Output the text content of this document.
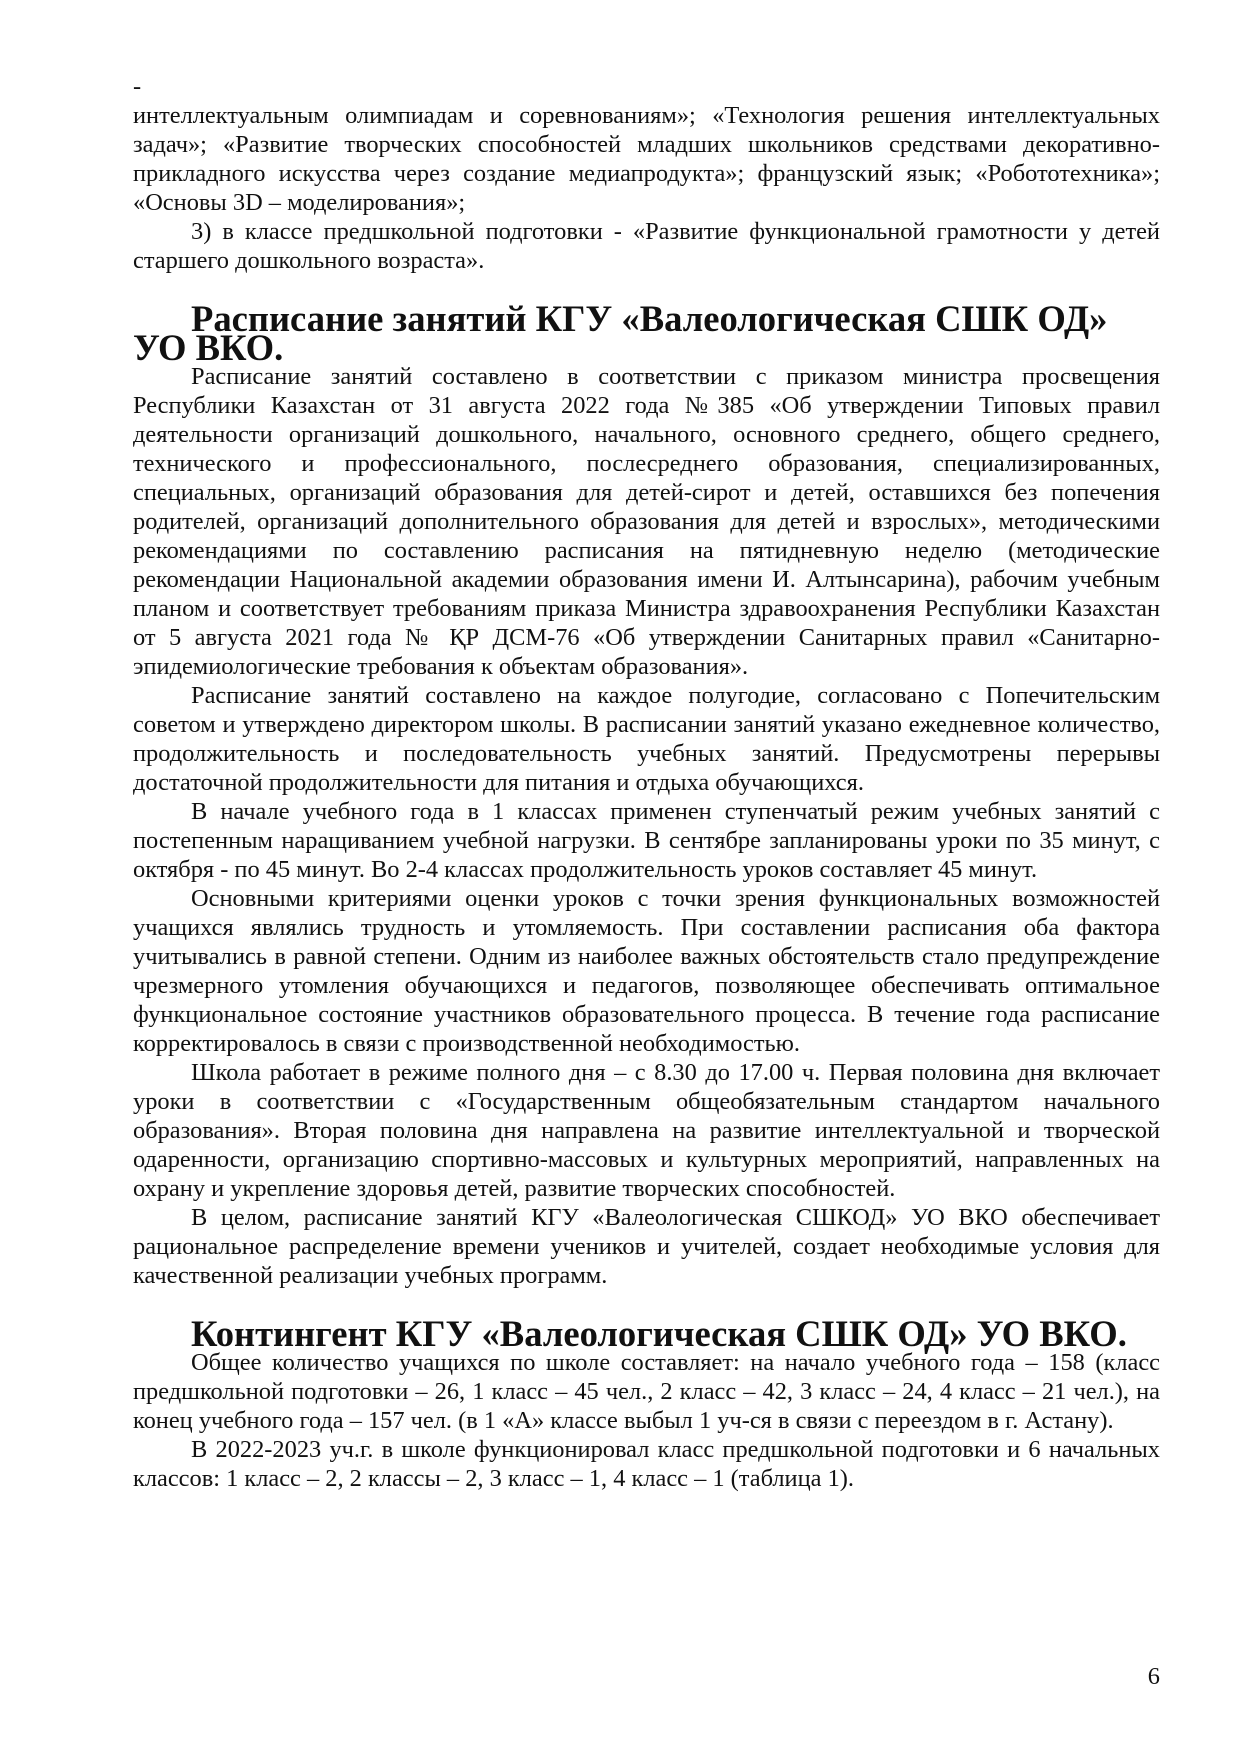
-

интеллектуальным олимпиадам и соревнованиям»; «Технология решения интеллектуальных задач»; «Развитие творческих способностей младших школьников средствами декоративно-прикладного искусства через создание медиапродукта»; французский язык; «Робототехника»; «Основы 3D – моделирования»;

3) в классе предшкольной подготовки - «Развитие функциональной грамотности у детей старшего дошкольного возраста».

Расписание занятий КГУ «Валеологическая СШК ОД» УО ВКО.

Расписание занятий составлено в соответствии с приказом министра просвещения Республики Казахстан от 31 августа 2022 года №385 «Об утверждении Типовых правил деятельности организаций дошкольного, начального, основного среднего, общего среднего, технического и профессионального, послесреднего образования, специализированных, специальных, организаций образования для детей-сирот и детей, оставшихся без попечения родителей, организаций дополнительного образования для детей и взрослых», методическими рекомендациями по составлению расписания на пятидневную неделю (методические рекомендации Национальной академии образования имени И. Алтынсарина), рабочим учебным планом и соответствует требованиям приказа Министра здравоохранения Республики Казахстан от 5 августа 2021 года № ҚР ДСМ-76 «Об утверждении Санитарных правил «Санитарно-эпидемиологические требования к объектам образования».

Расписание занятий составлено на каждое полугодие, согласовано с Попечительским советом и утверждено директором школы. В расписании занятий указано ежедневное количество, продолжительность и последовательность учебных занятий. Предусмотрены перерывы достаточной продолжительности для питания и отдыха обучающихся.

В начале учебного года в 1 классах применен ступенчатый режим учебных занятий с постепенным наращиванием учебной нагрузки. В сентябре запланированы уроки по 35 минут, с октября - по 45 минут. Во 2-4 классах продолжительность уроков составляет 45 минут.

Основными критериями оценки уроков с точки зрения функциональных возможностей учащихся являлись трудность и утомляемость. При составлении расписания оба фактора учитывались в равной степени. Одним из наиболее важных обстоятельств стало предупреждение чрезмерного утомления обучающихся и педагогов, позволяющее обеспечивать оптимальное функциональное состояние участников образовательного процесса. В течение года расписание корректировалось в связи с производственной необходимостью.

Школа работает в режиме полного дня – с 8.30 до 17.00 ч. Первая половина дня включает уроки в соответствии с «Государственным общеобязательным стандартом начального образования». Вторая половина дня направлена на развитие интеллектуальной и творческой одаренности, организацию спортивно-массовых и культурных мероприятий, направленных на охрану и укрепление здоровья детей, развитие творческих способностей.

В целом, расписание занятий КГУ «Валеологическая СШКОД» УО ВКО обеспечивает рациональное распределение времени учеников и учителей, создает необходимые условия для качественной реализации учебных программ.

Контингент КГУ «Валеологическая СШК ОД» УО ВКО.

Общее количество учащихся по школе составляет: на начало учебного года – 158 (класс предшкольной подготовки – 26, 1 класс – 45 чел., 2 класс – 42, 3 класс – 24, 4 класс – 21 чел.), на конец учебного года – 157 чел. (в 1 «А» классе выбыл 1 уч-ся в связи с переездом в г. Астану).

В 2022-2023 уч.г. в школе функционировал класс предшкольной подготовки и 6 начальных классов: 1 класс – 2, 2 классы – 2, 3 класс – 1, 4 класс – 1 (таблица 1).

6
